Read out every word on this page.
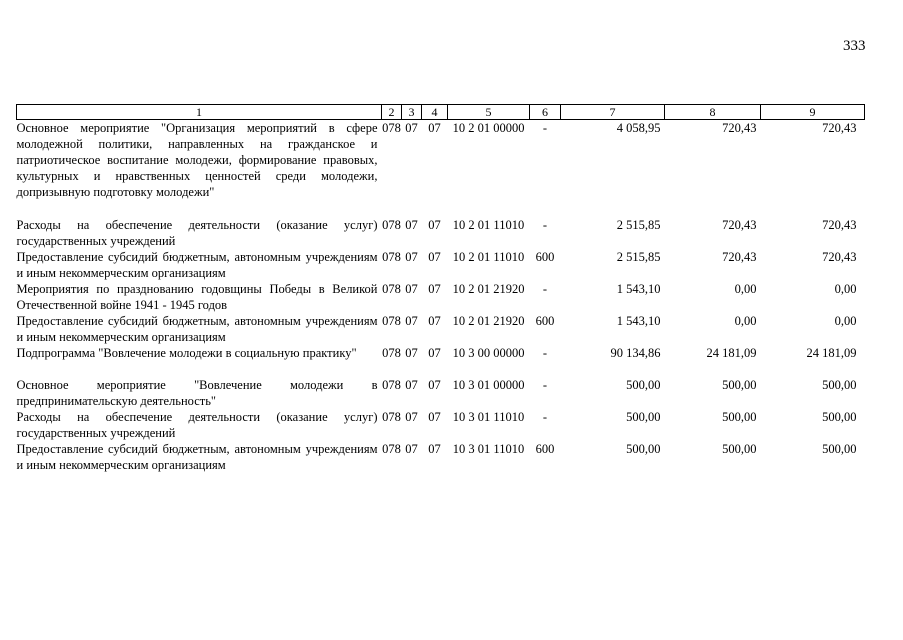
333
1	2	3	4	5	6	7	8	9
Основное мероприятие "Организация мероприятий в сфере молодежной политики, направленных на гражданское и патриотическое воспитание молодежи, формирование правовых, культурных и нравственных ценностей среди молодежи, допризывную подготовку молодежи"	078	07	07	10 2 01 00000	-	4 058,95	720,43	720,43
Расходы на обеспечение деятельности (оказание услуг) государственных учреждений	078	07	07	10 2 01 11010	-	2 515,85	720,43	720,43
Предоставление субсидий бюджетным, автономным учреждениям и иным некоммерческим организациям	078	07	07	10 2 01 11010	600	2 515,85	720,43	720,43
Мероприятия по празднованию годовщины Победы в Великой Отечественной войне 1941 - 1945 годов	078	07	07	10 2 01 21920	-	1 543,10	0,00	0,00
Предоставление субсидий бюджетным, автономным учреждениям и иным некоммерческим организациям	078	07	07	10 2 01 21920	600	1 543,10	0,00	0,00
Подпрограмма "Вовлечение молодежи в социальную практику"	078	07	07	10 3 00 00000	-	90 134,86	24 181,09	24 181,09
Основное мероприятие "Вовлечение молодежи в предпринимательскую деятельность"	078	07	07	10 3 01 00000	-	500,00	500,00	500,00
Расходы на обеспечение деятельности (оказание услуг) государственных учреждений	078	07	07	10 3 01 11010	-	500,00	500,00	500,00
Предоставление субсидий бюджетным, автономным учреждениям и иным некоммерческим организациям	078	07	07	10 3 01 11010	600	500,00	500,00	500,00
